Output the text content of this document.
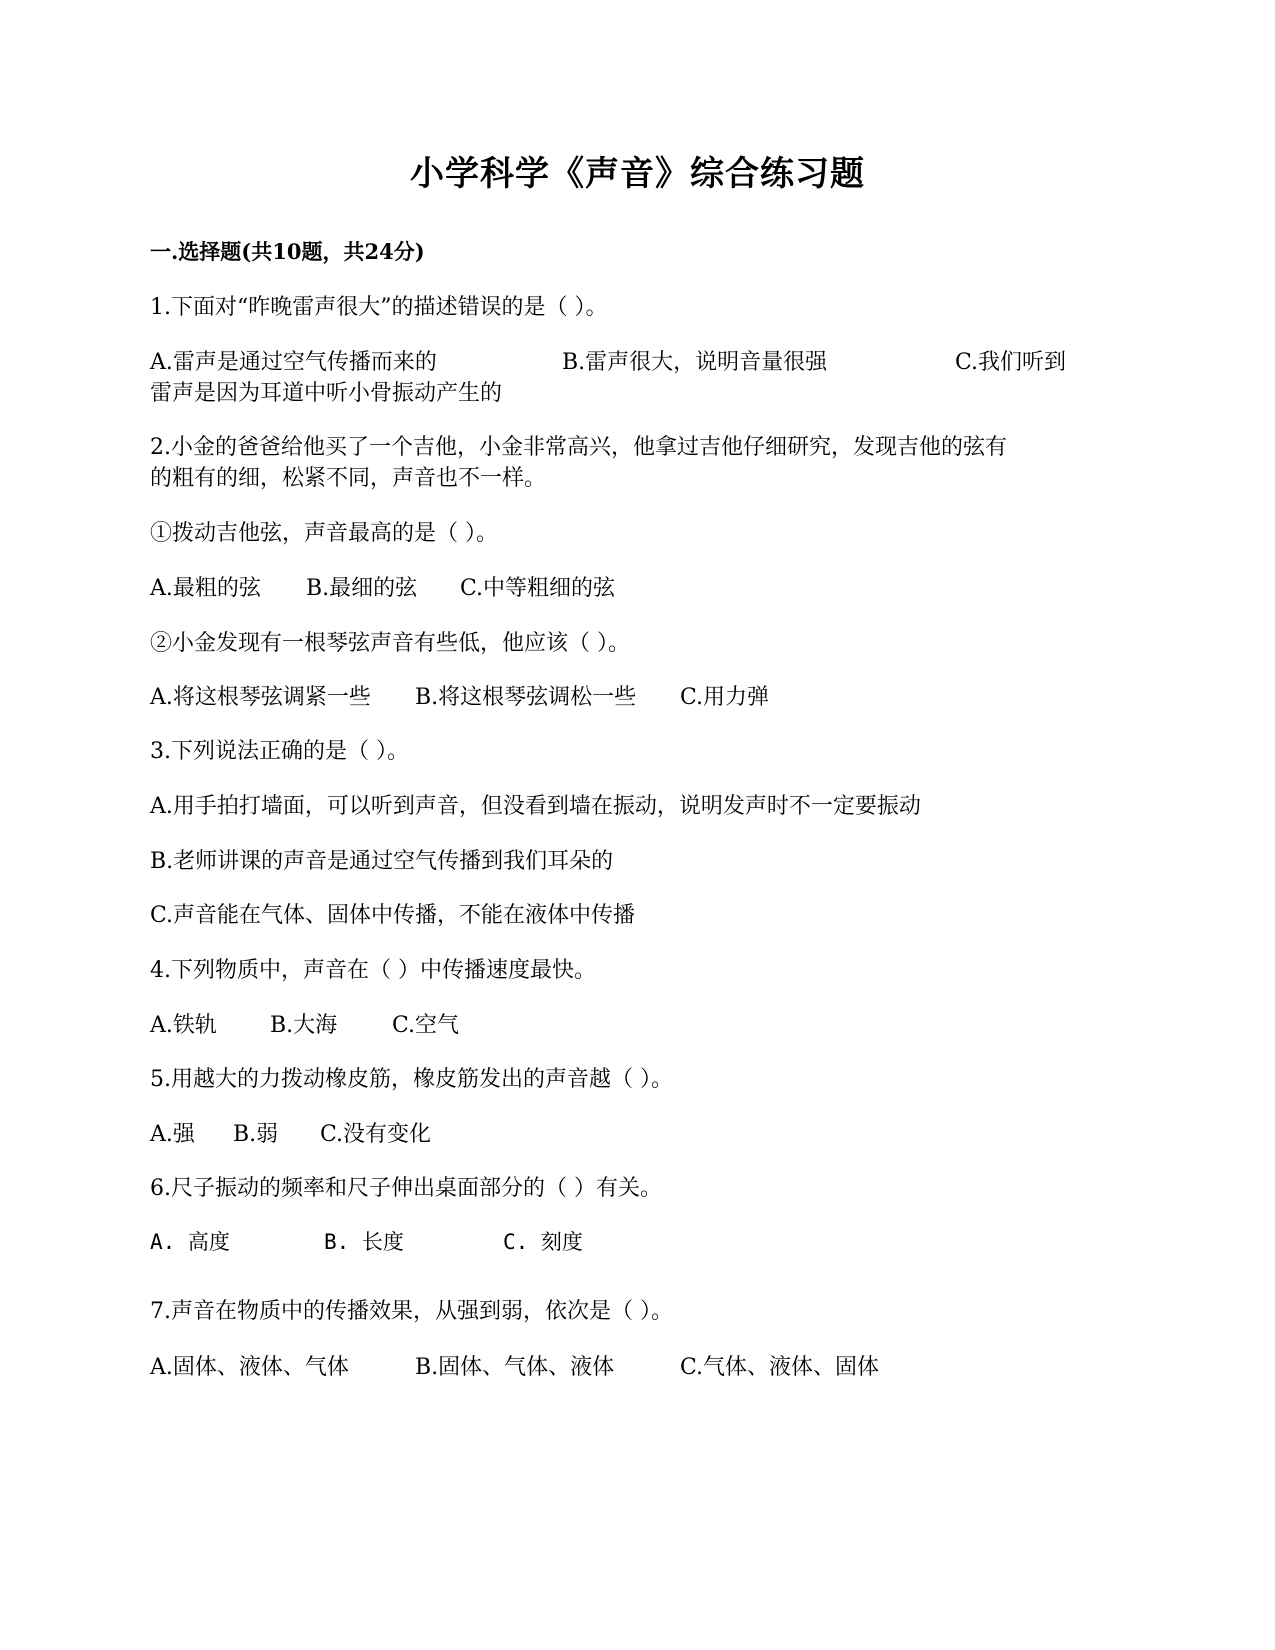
小学科学《声音》综合练习题
一.选择题(共10题，共24分)
1.下面对“昨晚雷声很大”的描述错误的是（ ）。
A.雷声是通过空气传播而来的	B.雷声很大，说明音量很强	C.我们听到
雷声是因为耳道中听小骨振动产生的
2.小金的爸爸给他买了一个吉他，小金非常高兴，他拿过吉他仔细研究，发现吉他的弦有
的粗有的细，松紧不同，声音也不一样。
①拨动吉他弦，声音最高的是（ ）。
A.最粗的弦 B.最细的弦 C.中等粗细的弦
②小金发现有一根琴弦声音有些低，他应该（ ）。
A.将这根琴弦调紧一些 B.将这根琴弦调松一些 C.用力弹
3.下列说法正确的是（ ）。
A.用手拍打墙面，可以听到声音，但没看到墙在振动，说明发声时不一定要振动
B.老师讲课的声音是通过空气传播到我们耳朵的
C.声音能在气体、固体中传播，不能在液体中传播
4.下列物质中，声音在（ ）中传播速度最快。
A.铁轨 B.大海 C.空气
5.用越大的力拨动橡皮筋，橡皮筋发出的声音越（ ）。
A.强 B.弱 C.没有变化
6.尺子振动的频率和尺子伸出桌面部分的（ ）有关。
A. 高度	B. 长度	C. 刻度
7.声音在物质中的传播效果，从强到弱，依次是（ ）。
A.固体、液体、气体	B.固体、气体、液体	C.气体、液体、固体
